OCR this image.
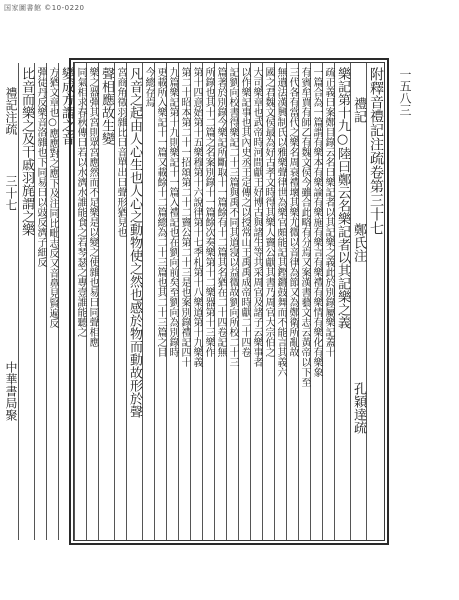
国家圖書館 ©10-0220
附釋音禮記注疏卷第三十七
禮記鄭氏注孔穎達疏
樂記第十九○陸曰鄭云名樂記者以其記樂之義
疏正義曰案鄭目錄云名曰樂記者以其記樂之義此於別錄屬樂記蓋十
一篇合為一篇謂有樂本有樂論有樂施有樂言有樂禮有樂情有樂化有樂象
有賓牟賈有師乙有魏文侯今雖合此略有分焉又案漢書藝文志云黃帝以下至
三代各有當代之樂名周衰禮壞其樂尤微以音律為節又為鄭衛所亂故
無遺法漢興制氏以雅樂聲律世為樂官頗能記其鏗鏘鼓舞而不能言其義六
國之君魏文侯最為好古孝文時得其樂人竇公獻其書乃周官大宗伯之
大司樂章也武帝時河間獻王好博古與諸生等共采周官及諸子云樂事者
以作樂記事也其內史丞王定傳之以授常山王禹禹成帝時獻二十四卷
記劉向校書得樂記二十三篇與禹不同其道寖以益微故劉向所校二十三
篇著於別錄今樂記所斷取十一篇餘有十二篇其名猶在二十四卷記無
所錄也其十二篇之名案別錄十一篇餘次奏樂第十二樂器第十三樂作
第十四意始第十五樂穆第十六說律第十七季札第十八樂道第十九樂義
第二十昭本第二十一招頌第二十二竇公第二十三是也案別錄禮記四十
九篇樂記第十九則樂記十一篇入禮記也在劉向前矣至劉向為別錄時
更載所入樂記十一篇又載餘十二篇總為二十三篇也其二十三篇之目
今總存焉
凡音之起由人心生也人心之動物使之然也感於物而動故形於聲
宮商角徵羽雜比曰音單出曰聲形猶見也
聲相應故生變
樂之器彈其宮則眾宮應然而不足樂是以變之使雜也易曰同聲相應
同氣相求春秋傳曰若以水濟水誰能食之若琴瑟之專壹誰能聽之
變成方謂之音
方猶文章也○應應對之應下及注同比毗志反又音鼻見賢遍反
彈徒丹反樂音洛雜也下同易曰以豉反濟子細反
比音而樂之及干戚羽旄謂之樂
禮記注疏三十七中華書局聚
一五八三
